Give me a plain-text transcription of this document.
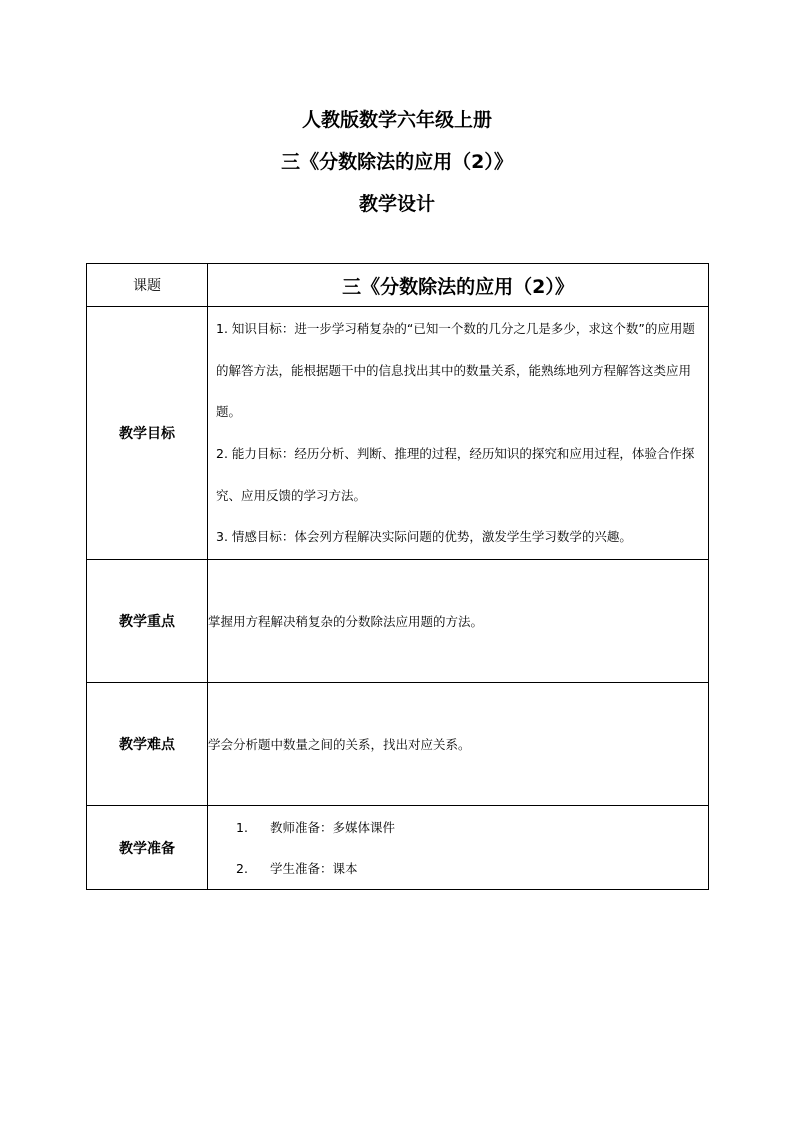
人教版数学六年级上册
三《分数除法的应用（2）》
教学设计
课题	三《分数除法的应用（2）》
教学目标	1. 知识目标：进一步学习稍复杂的“已知一个数的几分之几是多少，求这个数”的应用题的解答方法，能根据题干中的信息找出其中的数量关系，能熟练地列方程解答这类应用题。

2. 能力目标：经历分析、判断、推理的过程，经历知识的探究和应用过程，体验合作探究、应用反馈的学习方法。

3. 情感目标：体会列方程解决实际问题的优势，激发学生学习数学的兴趣。

教学重点	掌握用方程解决稍复杂的分数除法应用题的方法。
教学难点	学会分析题中数量之间的关系，找出对应关系。
教学准备	1. 教师准备：多媒体课件
2. 学生准备：课本
